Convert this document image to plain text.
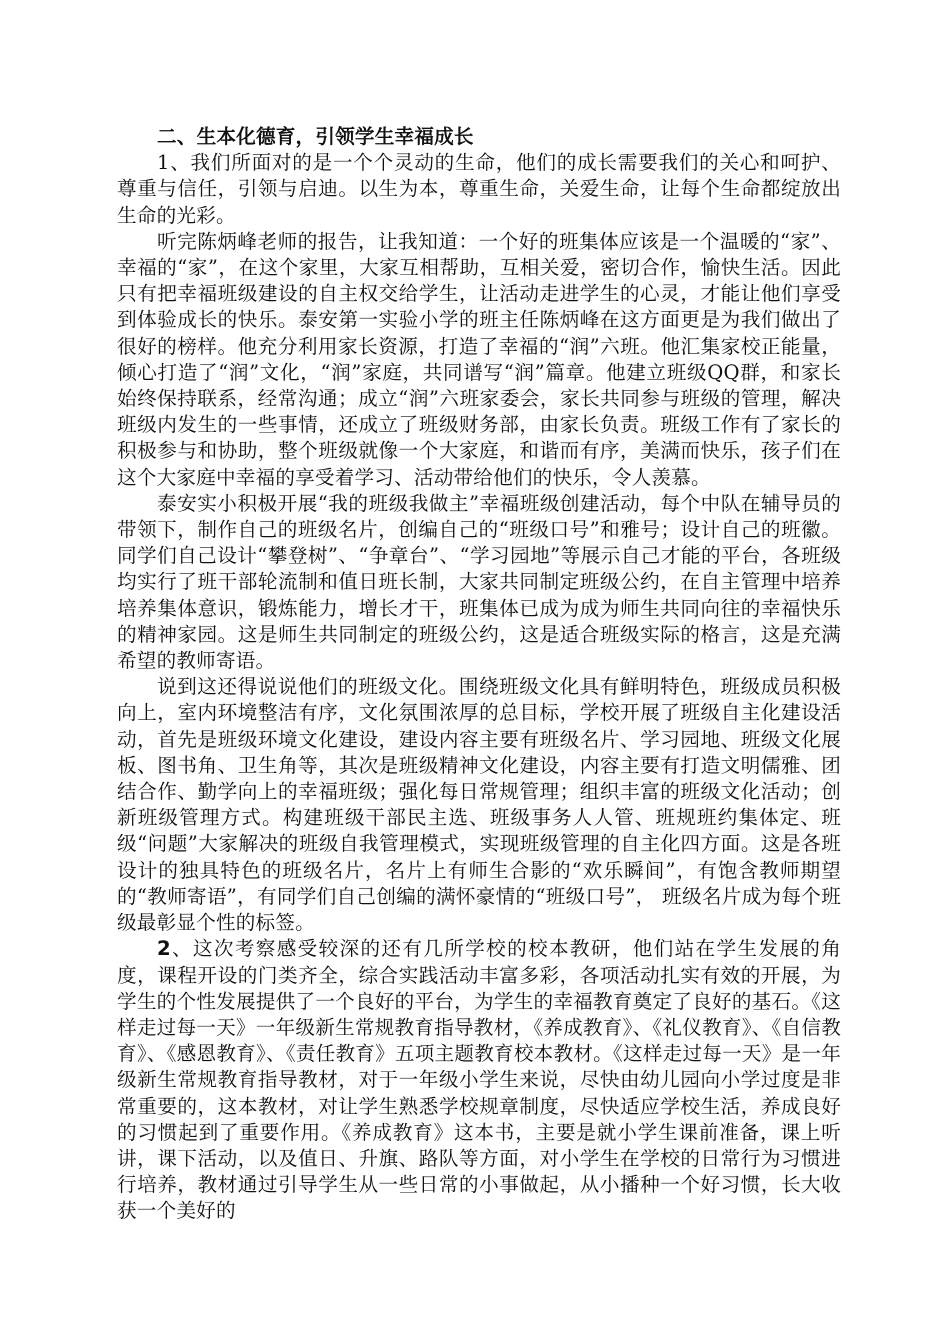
二、生本化德育，引领学生幸福成长

1、我们所面对的是一个个灵动的生命，他们的成长需要我们的关心和呵护、尊重与信任，引领与启迪。以生为本，尊重生命，关爱生命，让每个生命都绽放出生命的光彩。

听完陈炳峰老师的报告，让我知道：一个好的班集体应该是一个温暖的“家”、幸福的“家”，在这个家里，大家互相帮助，互相关爱，密切合作，愉快生活。因此只有把幸福班级建设的自主权交给学生，让活动走进学生的心灵，才能让他们享受到体验成长的快乐。泰安第一实验小学的班主任陈炳峰在这方面更是为我们做出了很好的榜样。他充分利用家长资源，打造了幸福的“润”六班。他汇集家校正能量，倾心打造了“润”文化，“润”家庭，共同谱写“润”篇章。他建立班级QQ群，和家长始终保持联系，经常沟通；成立“润”六班家委会，家长共同参与班级的管理，解决班级内发生的一些事情，还成立了班级财务部，由家长负责。班级工作有了家长的积极参与和协助，整个班级就像一个大家庭，和谐而有序，美满而快乐，孩子们在这个大家庭中幸福的享受着学习、活动带给他们的快乐，令人羡慕。

泰安实小积极开展“我的班级我做主”幸福班级创建活动，每个中队在辅导员的带领下，制作自己的班级名片，创编自己的“班级口号”和雅号；设计自己的班徽。同学们自己设计“攀登树”、“争章台”、“学习园地”等展示自己才能的平台，各班级均实行了班干部轮流制和值日班长制，大家共同制定班级公约，在自主管理中培养培养集体意识，锻炼能力，增长才干，班集体已成为成为师生共同向往的幸福快乐的精神家园。这是师生共同制定的班级公约，这是适合班级实际的格言，这是充满希望的教师寄语。

说到这还得说说他们的班级文化。围绕班级文化具有鲜明特色，班级成员积极向上，室内环境整洁有序，文化氛围浓厚的总目标，学校开展了班级自主化建设活动，首先是班级环境文化建设，建设内容主要有班级名片、学习园地、班级文化展板、图书角、卫生角等，其次是班级精神文化建设，内容主要有打造文明儒雅、团结合作、勤学向上的幸福班级；强化每日常规管理；组织丰富的班级文化活动；创新班级管理方式。构建班级干部民主选、班级事务人人管、班规班约集体定、班级“问题”大家解决的班级自我管理模式，实现班级管理的自主化四方面。这是各班设计的独具特色的班级名片，名片上有师生合影的“欢乐瞬间”，有饱含教师期望的“教师寄语”，有同学们自己创编的满怀豪情的“班级口号”， 班级名片成为每个班级最彰显个性的标签。

2、这次考察感受较深的还有几所学校的校本教研，他们站在学生发展的角度，课程开设的门类齐全，综合实践活动丰富多彩，各项活动扎实有效的开展，为学生的个性发展提供了一个良好的平台，为学生的幸福教育奠定了良好的基石。《这样走过每一天》一年级新生常规教育指导教材，《养成教育》、《礼仪教育》、《自信教育》、《感恩教育》、《责任教育》五项主题教育校本教材。《这样走过每一天》是一年级新生常规教育指导教材，对于一年级小学生来说，尽快由幼儿园向小学过度是非常重要的，这本教材，对让学生熟悉学校规章制度，尽快适应学校生活，养成良好的习惯起到了重要作用。《养成教育》这本书，主要是就小学生课前准备，课上听讲，课下活动，以及值日、升旗、路队等方面，对小学生在学校的日常行为习惯进行培养，教材通过引导学生从一些日常的小事做起，从小播种一个好习惯，长大收获一个美好的
